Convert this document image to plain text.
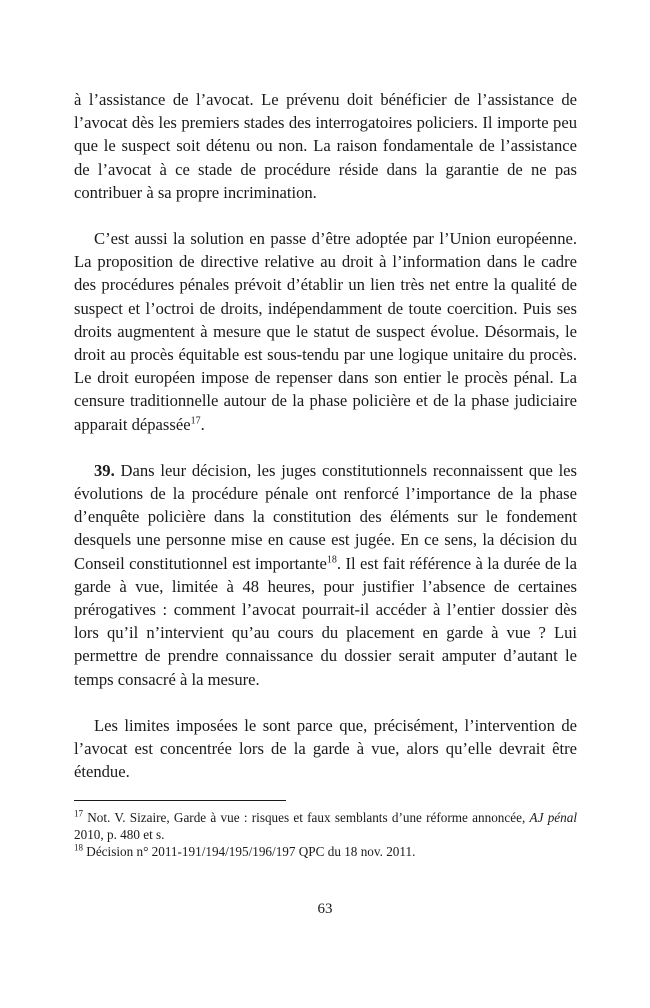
à l’assistance de l’avocat. Le prévenu doit bénéficier de l’assistance de l’avocat dès les premiers stades des interrogatoires policiers. Il importe peu que le suspect soit détenu ou non. La raison fondamentale de l’assistance de l’avocat à ce stade de procédure réside dans la garantie de ne pas contribuer à sa propre incrimination.

C’est aussi la solution en passe d’être adoptée par l’Union européenne. La proposition de directive relative au droit à l’information dans le cadre des procédures pénales prévoit d’établir un lien très net entre la qualité de suspect et l’octroi de droits, indépendamment de toute coercition. Puis ses droits augmentent à mesure que le statut de suspect évolue. Désormais, le droit au procès équitable est sous-tendu par une logique unitaire du procès. Le droit européen impose de repenser dans son entier le procès pénal. La censure traditionnelle autour de la phase policière et de la phase judiciaire apparait dépassée$^{17}$.

39. Dans leur décision, les juges constitutionnels reconnaissent que les évolutions de la procédure pénale ont renforcé l’importance de la phase d’enquête policière dans la constitution des éléments sur le fondement desquels une personne mise en cause est jugée. En ce sens, la décision du Conseil constitutionnel est importante$^{18}$. Il est fait référence à la durée de la garde à vue, limitée à 48 heures, pour justifier l’absence de certaines prérogatives : comment l’avocat pourrait-il accéder à l’entier dossier dès lors qu’il n’intervient qu’au cours du placement en garde à vue ? Lui permettre de prendre connaissance du dossier serait amputer d’autant le temps consacré à la mesure.

Les limites imposées le sont parce que, précisément, l’intervention de l’avocat est concentrée lors de la garde à vue, alors qu’elle devrait être étendue.

$^{17}$ Not. V. Sizaire, Garde à vue : risques et faux semblants d’une réforme annoncée, AJ pénal 2010, p. 480 et s.

$^{18}$ Décision n° 2011-191/194/195/196/197 QPC du 18 nov. 2011.

63
